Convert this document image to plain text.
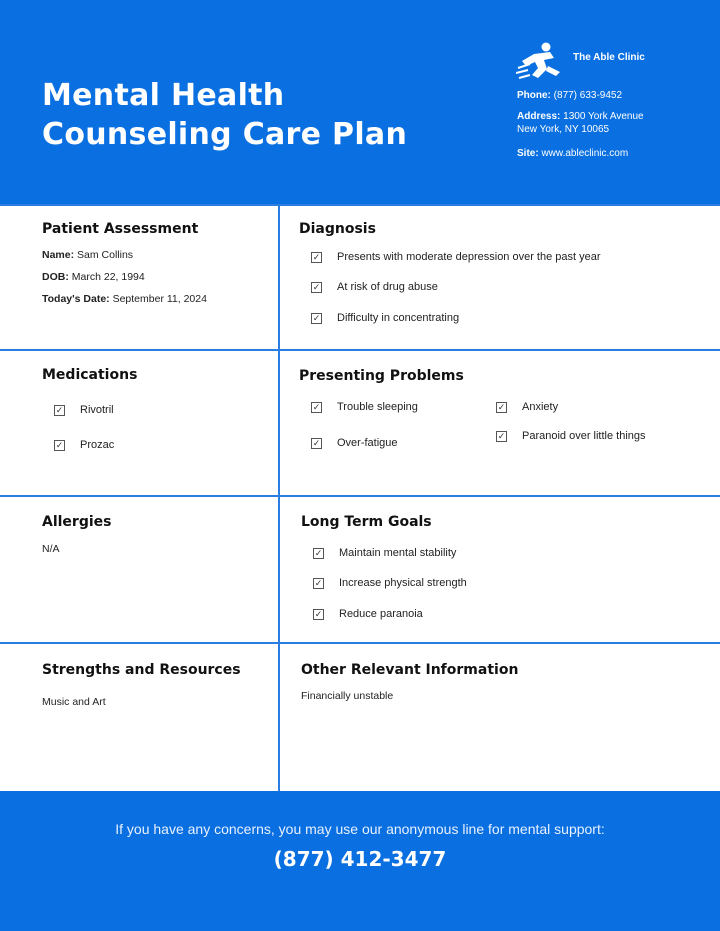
Mental Health
Counseling Care Plan
The Able Clinic
Phone: (877) 633-9452
Address: 1300 York Avenue
New York, NY 10065
Site: www.ableclinic.com
Patient Assessment
Name: Sam Collins
DOB: March 22, 1994
Today's Date: September 11, 2024
Diagnosis
✓ Presents with moderate depression over the past year
✓ At risk of drug abuse
✓ Difficulty in concentrating
Medications
✓ Rivotril
✓ Prozac
Presenting Problems
✓ Trouble sleeping
✓ Over-fatigue
✓ Anxiety
✓ Paranoid over little things
Allergies
N/A
Long Term Goals
✓ Maintain mental stability
✓ Increase physical strength
✓ Reduce paranoia
Strengths and Resources
Music and Art
Other Relevant Information
Financially unstable
If you have any concerns, you may use our anonymous line for mental support:
(877) 412-3477
